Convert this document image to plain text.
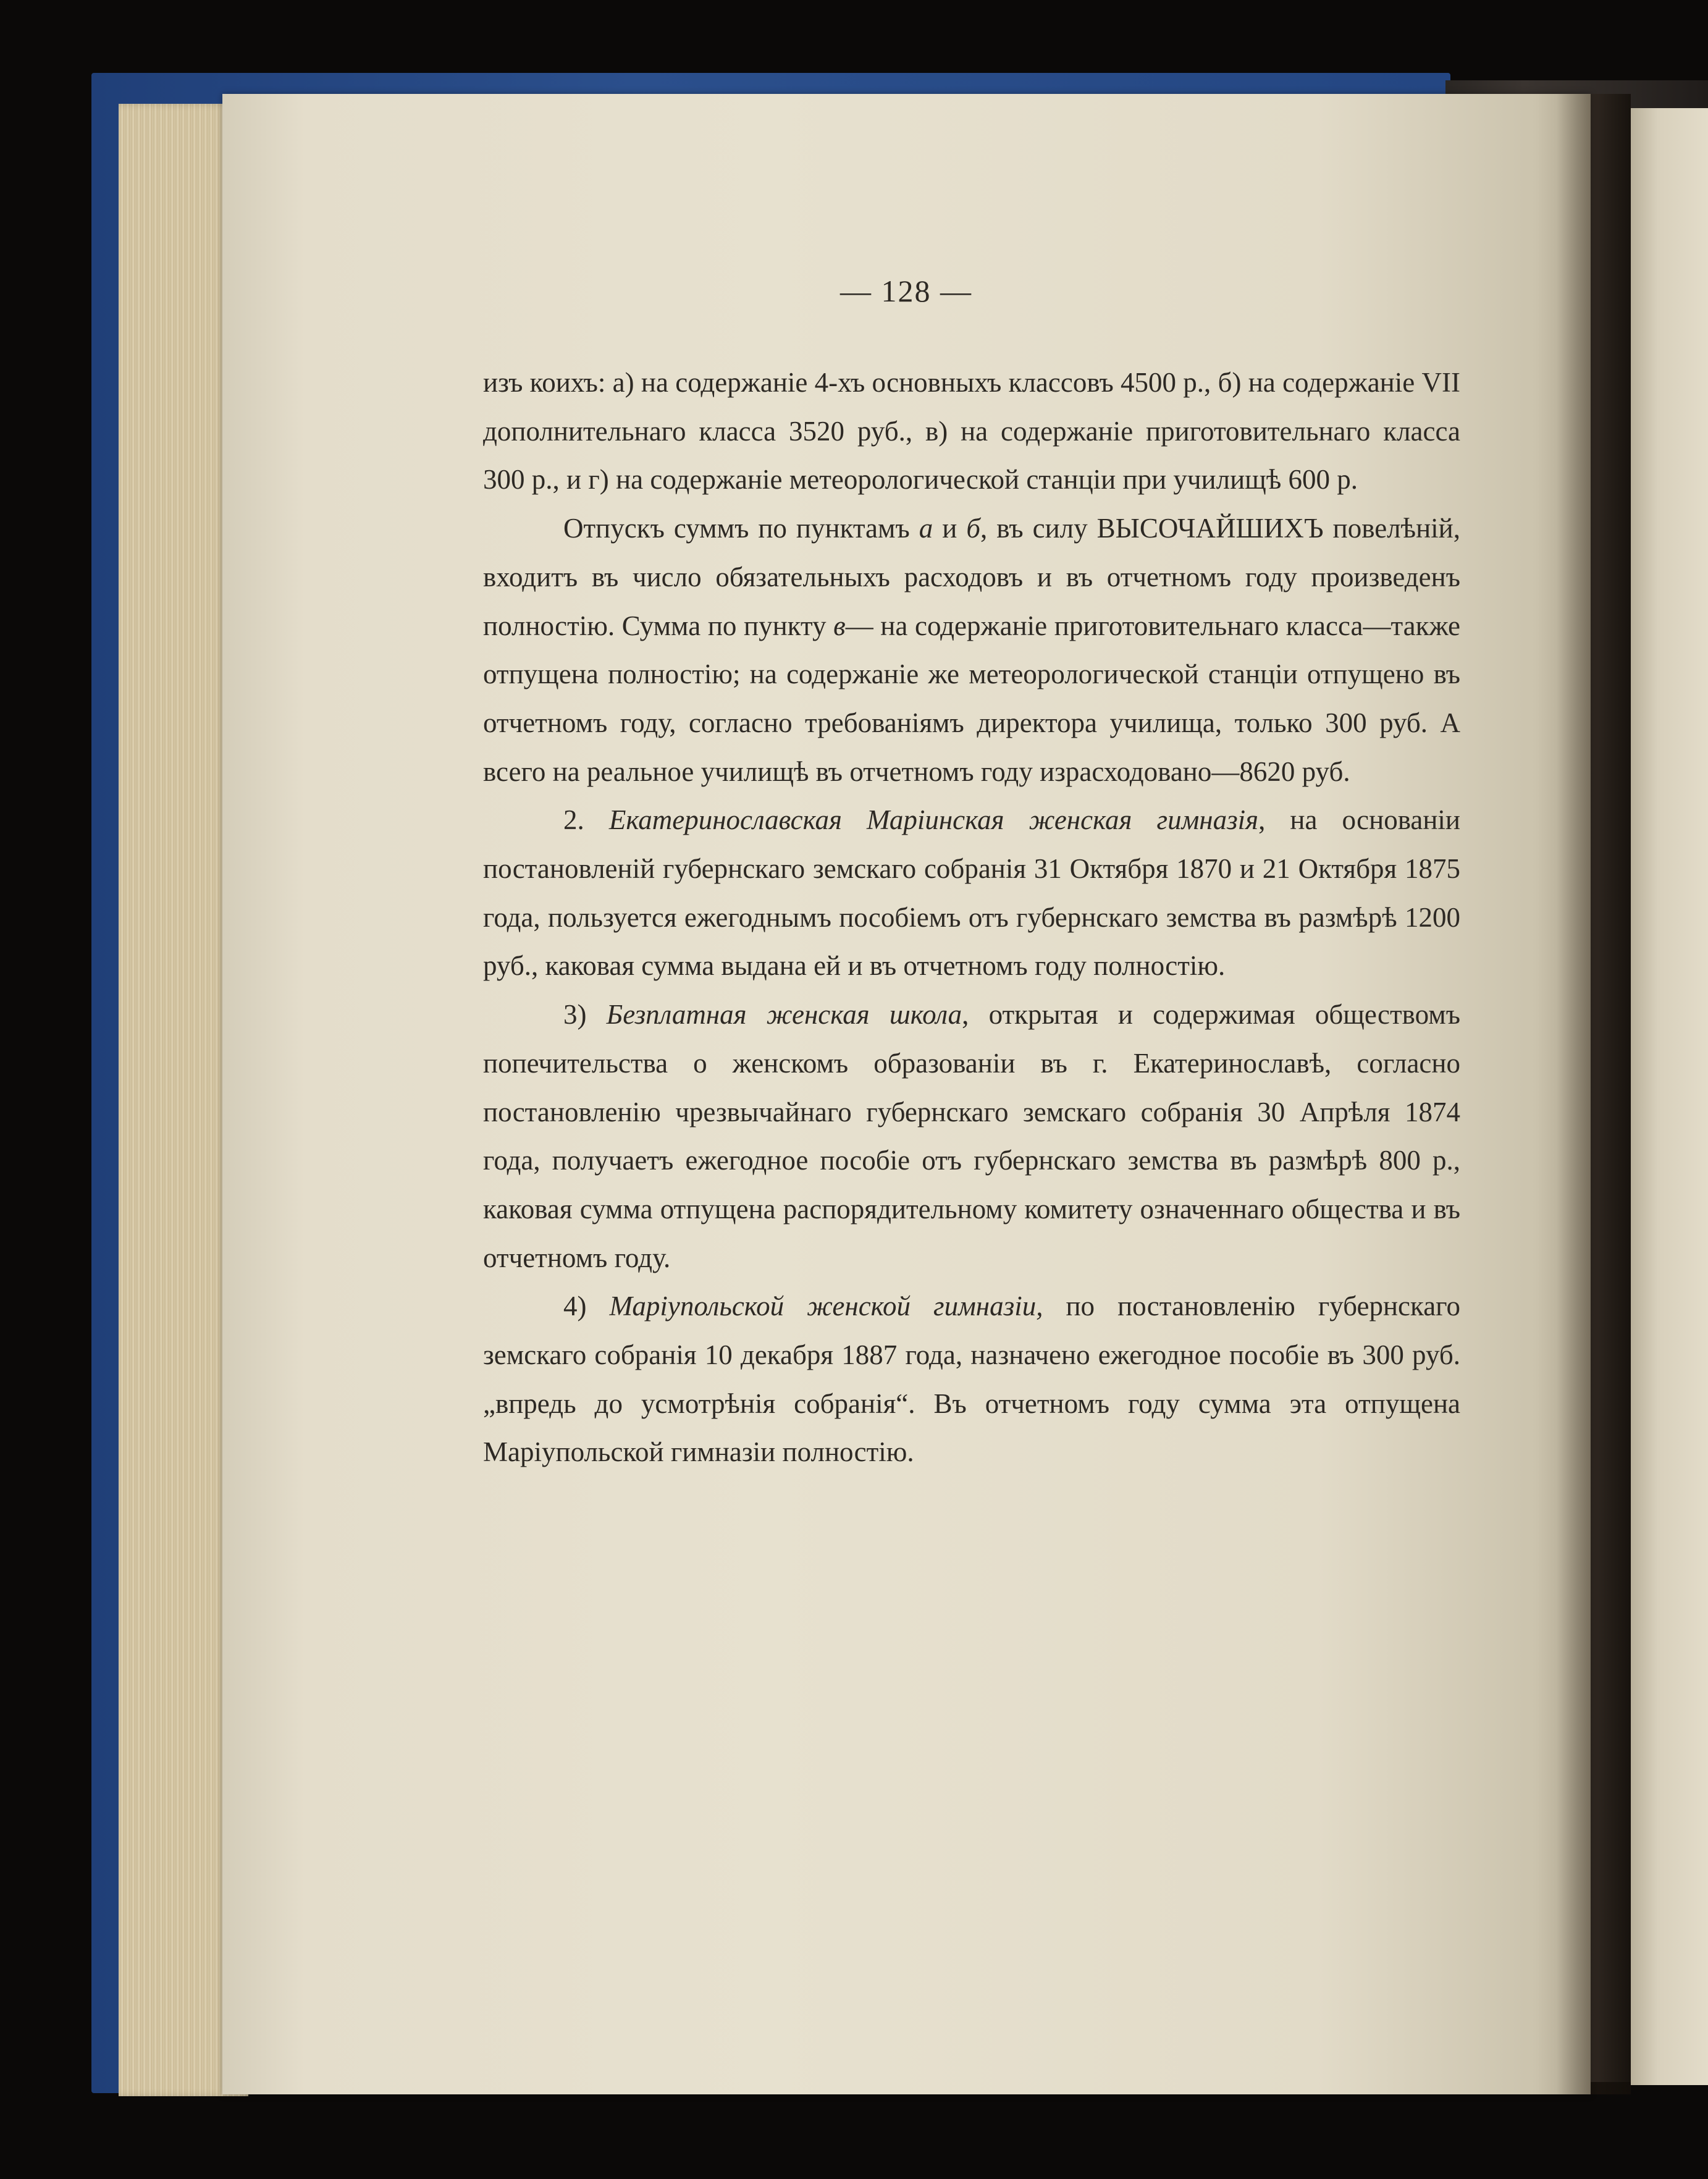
— 128 —

изъ коихъ: а) на содержанiе 4-хъ основныхъ классовъ 4500 р., б) на содержанiе VII дополнительнаго класса 3520 руб., в) на содержанiе приготовительнаго класса 300 р., и г) на содержанiе метеорологической станцiи при училищѣ 600 р.

Отпускъ суммъ по пунктамъ а и б, въ силу ВЫСОЧАЙШИХЪ повелѣнiй, входитъ въ число обязательныхъ расходовъ и въ отчетномъ году произведенъ полностiю. Сумма по пункту в— на содержанiе приготовительнаго класса—также отпущена полностiю; на содержанiе же метеорологической станцiи отпущено въ отчетномъ году, согласно требованiямъ директора училища, только 300 руб. А всего на реальное училищѣ въ отчетномъ году израсходовано—8620 руб.

2. Екатеринославская Марiинская женская гимназiя, на основанiи постановленiй губернскаго земскаго собранiя 31 Октября 1870 и 21 Октября 1875 года, пользуется ежегоднымъ пособiемъ отъ губернскаго земства въ размѣрѣ 1200 руб., каковая сумма выдана ей и въ отчетномъ году полностiю.

3) Безплатная женская школа, открытая и содержимая обществомъ попечительства о женскомъ образованiи въ г. Екатеринославѣ, согласно постановленiю чрезвычайнаго губернскаго земскаго собранiя 30 Апрѣля 1874 года, получаетъ ежегодное пособiе отъ губернскаго земства въ размѣрѣ 800 р., каковая сумма отпущена распорядительному комитету означеннаго общества и въ отчетномъ году.

4) Марiупольской женской гимназiи, по постановленiю губернскаго земскаго собранiя 10 декабря 1887 года, назначено ежегодное пособiе въ 300 руб. „впредь до усмотрѣнiя собранiя“. Въ отчетномъ году сумма эта отпущена Марiупольской гимназiи полностiю.
